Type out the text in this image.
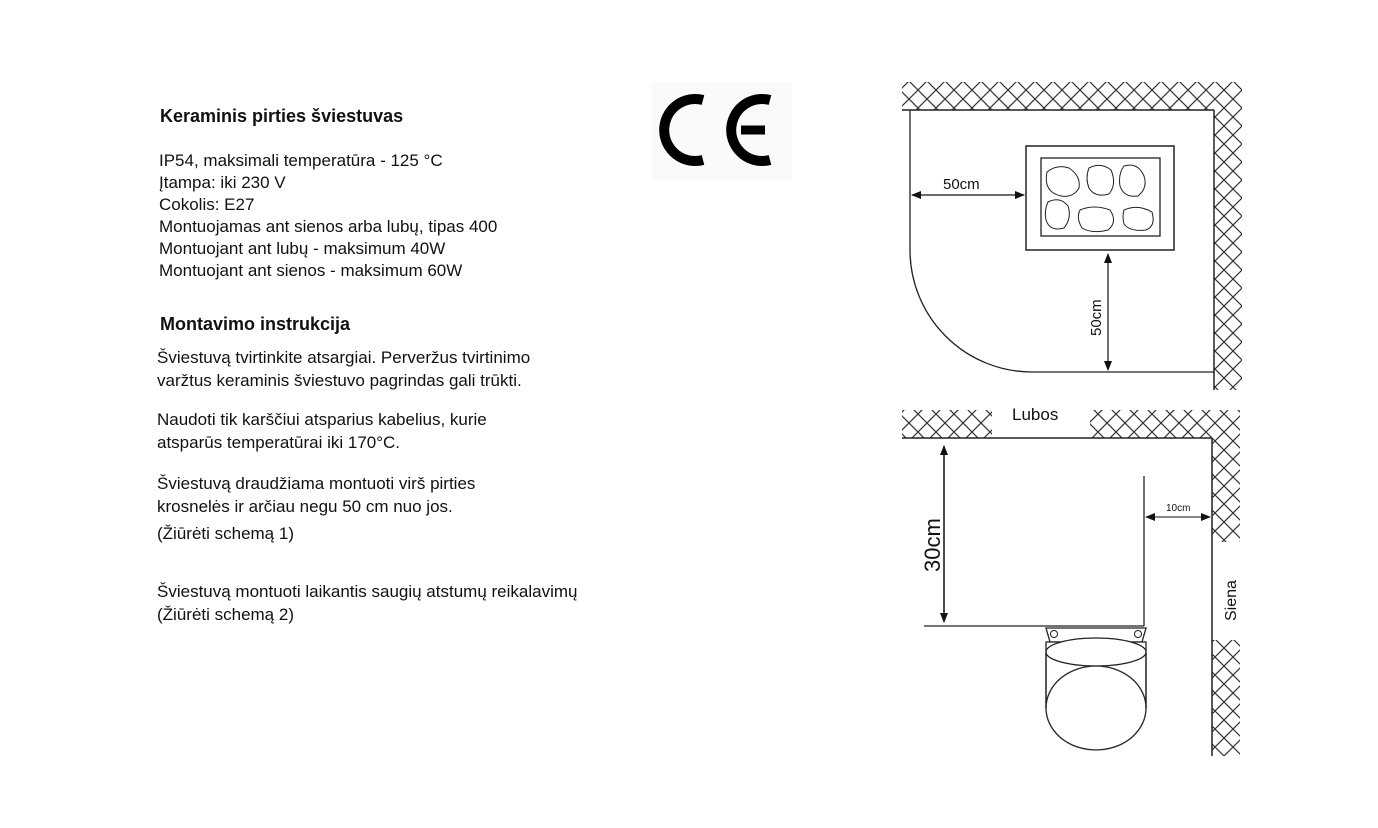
Keraminis pirties šviestuvas
IP54, maksimali temperatūra - 125 °C
Įtampa: iki 230 V
Cokolis: E27
Montuojamas ant sienos arba lubų, tipas 400
Montuojant ant lubų - maksimum 40W
Montuojant ant sienos - maksimum 60W
Montavimo instrukcija
Šviestuvą tvirtinkite atsargiai. Perveržus tvirtinimo
varžtus keraminis šviestuvo pagrindas gali trūkti.
Naudoti tik karščiui atsparius kabelius, kurie
atsparūs temperatūrai iki 170°C.
Šviestuvą draudžiama montuoti virš pirties
krosnelės ir arčiau negu 50 cm nuo jos.
(Žiūrėti schemą 1)
Šviestuvą montuoti laikantis saugių atstumų reikalavimų
(Žiūrėti schemą 2)
50cm
50cm
Lubos
Siena
30cm
10cm
